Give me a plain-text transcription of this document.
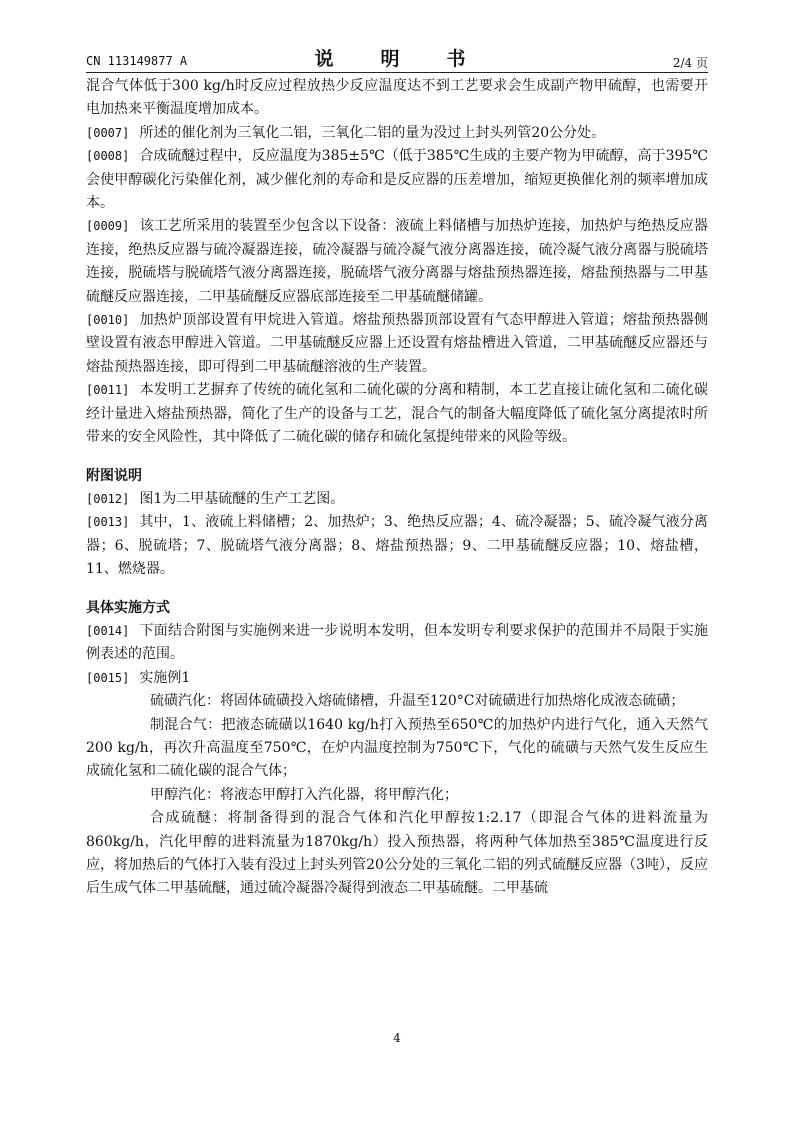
CN 113149877 A	说　明　书	2/4 页

混合气体低于300 kg/h时反应过程放热少反应温度达不到工艺要求会生成副产物甲硫醇，也需要开电加热来平衡温度增加成本。

[0007] 所述的催化剂为三氧化二铝，三氧化二铝的量为没过上封头列管20公分处。

[0008] 合成硫醚过程中，反应温度为385±5℃（低于385℃生成的主要产物为甲硫醇，高于395℃会使甲醇碳化污染催化剂，减少催化剂的寿命和是反应器的压差增加，缩短更换催化剂的频率增加成本。

[0009] 该工艺所采用的装置至少包含以下设备：液硫上料储槽与加热炉连接，加热炉与绝热反应器连接，绝热反应器与硫冷凝器连接，硫冷凝器与硫冷凝气液分离器连接，硫冷凝气液分离器与脱硫塔连接，脱硫塔与脱硫塔气液分离器连接，脱硫塔气液分离器与熔盐预热器连接，熔盐预热器与二甲基硫醚反应器连接，二甲基硫醚反应器底部连接至二甲基硫醚储罐。

[0010] 加热炉顶部设置有甲烷进入管道。熔盐预热器顶部设置有气态甲醇进入管道；熔盐预热器侧壁设置有液态甲醇进入管道。二甲基硫醚反应器上还设置有熔盐槽进入管道，二甲基硫醚反应器还与熔盐预热器连接，即可得到二甲基硫醚溶液的生产装置。

[0011] 本发明工艺摒弃了传统的硫化氢和二硫化碳的分离和精制，本工艺直接让硫化氢和二硫化碳经计量进入熔盐预热器，简化了生产的设备与工艺，混合气的制备大幅度降低了硫化氢分离提浓时所带来的安全风险性，其中降低了二硫化碳的储存和硫化氢提纯带来的风险等级。

附图说明

[0012] 图1为二甲基硫醚的生产工艺图。

[0013] 其中，1、液硫上料储槽；2、加热炉；3、绝热反应器；4、硫冷凝器；5、硫冷凝气液分离器；6、脱硫塔；7、脱硫塔气液分离器；8、熔盐预热器；9、二甲基硫醚反应器；10、熔盐槽，11、燃烧器。

具体实施方式

[0014] 下面结合附图与实施例来进一步说明本发明，但本发明专利要求保护的范围并不局限于实施例表述的范围。

[0015] 实施例1

硫磺汽化：将固体硫磺投入熔硫储槽，升温至120°C对硫磺进行加热熔化成液态硫磺；

制混合气：把液态硫磺以1640 kg/h打入预热至650℃的加热炉内进行气化，通入天然气200 kg/h，再次升高温度至750℃，在炉内温度控制为750℃下，气化的硫磺与天然气发生反应生成硫化氢和二硫化碳的混合气体；

甲醇汽化：将液态甲醇打入汽化器，将甲醇汽化；

合成硫醚：将制备得到的混合气体和汽化甲醇按1:2.17（即混合气体的进料流量为860kg/h，汽化甲醇的进料流量为1870kg/h）投入预热器，将两种气体加热至385℃温度进行反应，将加热后的气体打入装有没过上封头列管20公分处的三氧化二铝的列式硫醚反应器（3吨），反应后生成气体二甲基硫醚，通过硫冷凝器冷凝得到液态二甲基硫醚。二甲基硫

4
